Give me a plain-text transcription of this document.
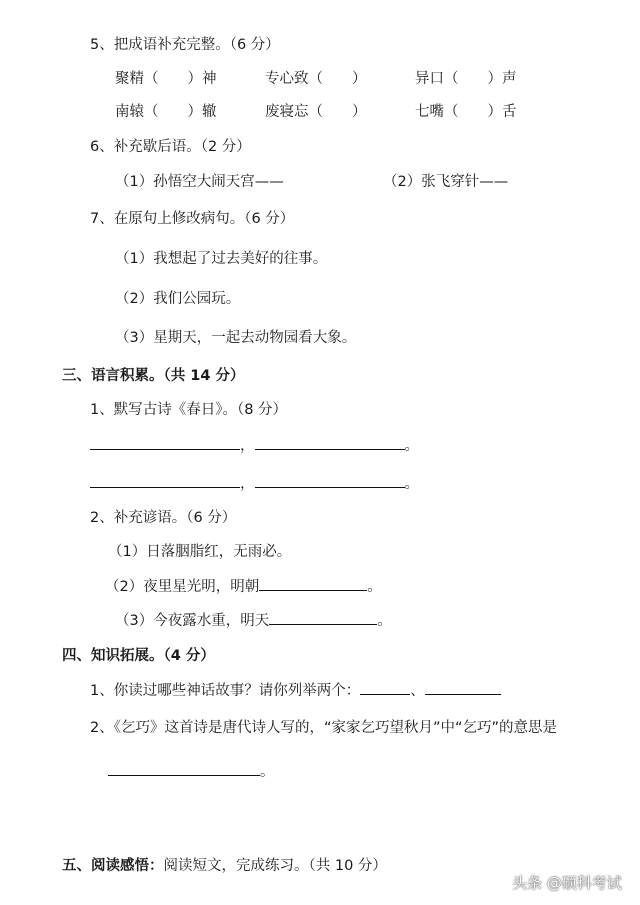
5、把成语补充完整。（6 分）
聚精（　　）神	专心致（　　）	异口（　　）声
南辕（　　）辙	废寝忘（　　）	七嘴（　　）舌
6、补充歇后语。（2 分）
（1）孙悟空大闹天宫——	（2）张飞穿针——
7、在原句上修改病句。（6 分）
（1）我想起了过去美好的往事。
（2）我们公园玩。
（3）星期天，一起去动物园看大象。
三、语言积累。（共 14 分）
1、默写古诗《春日》。（8 分）
，	。
，	。
2、补充谚语。（6 分）
（1）日落胭脂红，无雨必。
（2）夜里星光明，明朝	。
（3）今夜露水重，明天	。
四、知识拓展。（4 分）
1、你读过哪些神话故事？请你列举两个：	、
2、《乞巧》这首诗是唐代诗人写的，“家家乞巧望秋月”中“乞巧”的意思是
。
五、阅读感悟：阅读短文，完成练习。（共 10 分）
头条 @硕科考试
